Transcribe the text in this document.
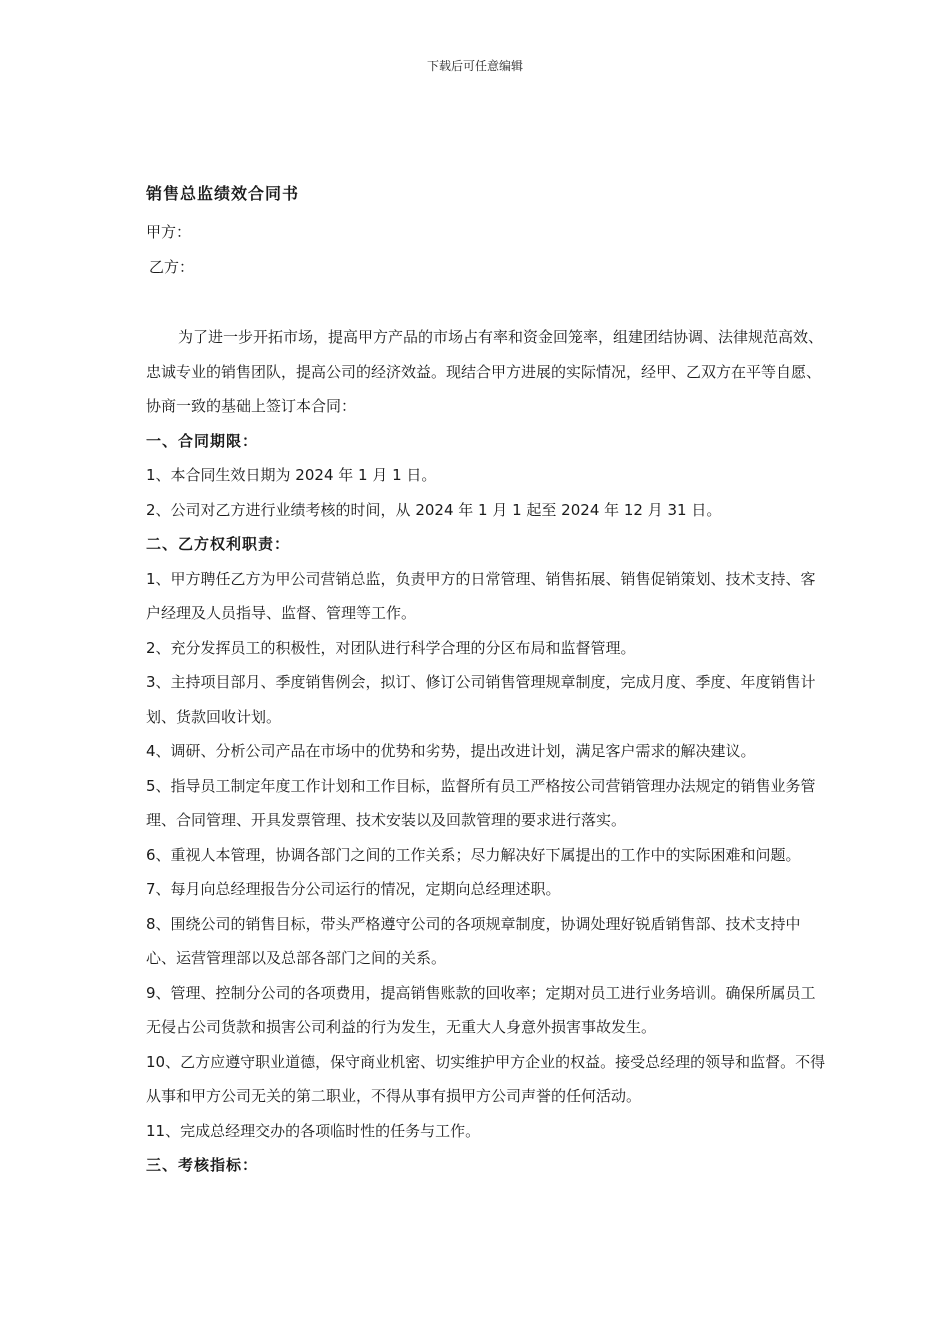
下载后可任意编辑
销售总监绩效合同书
甲方：
乙方：

为了进一步开拓市场，提高甲方产品的市场占有率和资金回笼率，组建团结协调、法律规范高效、忠诚专业的销售团队，提高公司的经济效益。现结合甲方进展的实际情况，经甲、乙双方在平等自愿、协商一致的基础上签订本合同：

一、合同期限：

1、本合同生效日期为 2024 年 1 月 1 日。

2、公司对乙方进行业绩考核的时间，从 2024 年 1 月 1 起至 2024 年 12 月 31 日。

二、乙方权利职责：

1、甲方聘任乙方为甲公司营销总监，负责甲方的日常管理、销售拓展、销售促销策划、技术支持、客户经理及人员指导、监督、管理等工作。

2、充分发挥员工的积极性，对团队进行科学合理的分区布局和监督管理。

3、主持项目部月、季度销售例会，拟订、修订公司销售管理规章制度，完成月度、季度、年度销售计划、货款回收计划。

4、调研、分析公司产品在市场中的优势和劣势，提出改进计划，满足客户需求的解决建议。

5、指导员工制定年度工作计划和工作目标，监督所有员工严格按公司营销管理办法规定的销售业务管理、合同管理、开具发票管理、技术安装以及回款管理的要求进行落实。

6、重视人本管理，协调各部门之间的工作关系；尽力解决好下属提出的工作中的实际困难和问题。

7、每月向总经理报告分公司运行的情况，定期向总经理述职。

8、围绕公司的销售目标，带头严格遵守公司的各项规章制度，协调处理好锐盾销售部、技术支持中心、运营管理部以及总部各部门之间的关系。

9、管理、控制分公司的各项费用，提高销售账款的回收率；定期对员工进行业务培训。确保所属员工无侵占公司货款和损害公司利益的行为发生，无重大人身意外损害事故发生。

10、乙方应遵守职业道德，保守商业机密、切实维护甲方企业的权益。接受总经理的领导和监督。不得从事和甲方公司无关的第二职业，不得从事有损甲方公司声誉的任何活动。

11、完成总经理交办的各项临时性的任务与工作。

三、考核指标：
